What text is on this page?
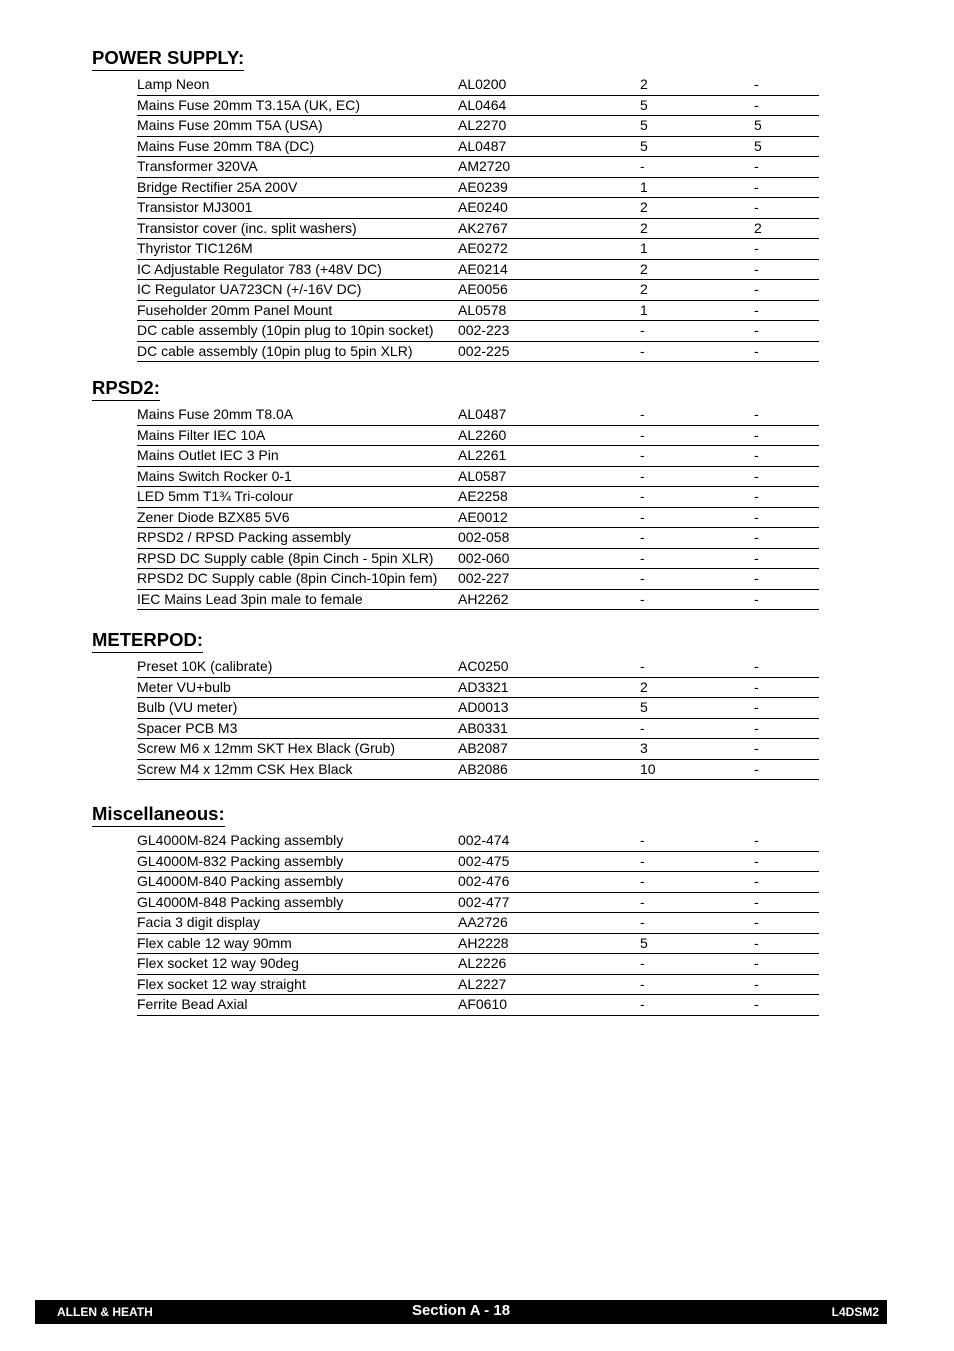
POWER SUPPLY:
Lamp Neon	AL0200	2	-
Mains Fuse 20mm T3.15A (UK, EC)	AL0464	5	-
Mains Fuse 20mm T5A (USA)	AL2270	5	5
Mains Fuse 20mm T8A (DC)	AL0487	5	5
Transformer 320VA	AM2720	-	-
Bridge Rectifier 25A 200V	AE0239	1	-
Transistor MJ3001	AE0240	2	-
Transistor cover (inc. split washers)	AK2767	2	2
Thyristor TIC126M	AE0272	1	-
IC Adjustable Regulator 783 (+48V DC)	AE0214	2	-
IC Regulator UA723CN (+/-16V DC)	AE0056	2	-
Fuseholder 20mm Panel Mount	AL0578	1	-
DC cable assembly (10pin plug to 10pin socket) 002-223	-	-
DC cable assembly (10pin plug to 5pin XLR)	002-225	-	-
RPSD2:
Mains Fuse 20mm T8.0A	AL0487	-	-
Mains Filter IEC 10A	AL2260	-	-
Mains Outlet IEC 3 Pin	AL2261	-	-
Mains Switch Rocker 0-1	AL0587	-	-
LED 5mm T1¾ Tri-colour	AE2258	-	-
Zener Diode BZX85 5V6	AE0012	-	-
RPSD2 / RPSD Packing assembly	002-058	-	-
RPSD DC Supply cable (8pin Cinch - 5pin XLR) 002-060	-	-
RPSD2 DC Supply cable (8pin Cinch-10pin fem) 002-227	-	-
IEC Mains Lead 3pin male to female	AH2262	-	-
METERPOD:
Preset 10K (calibrate)	AC0250	-	-
Meter VU+bulb	AD3321	2	-
Bulb (VU meter)	AD0013	5	-
Spacer PCB M3	AB0331	-	-
Screw M6 x 12mm SKT Hex Black (Grub)	AB2087	3	-
Screw M4 x 12mm CSK Hex Black	AB2086	10	-
Miscellaneous:
GL4000M-824 Packing assembly	002-474	-	-
GL4000M-832 Packing assembly	002-475	-	-
GL4000M-840 Packing assembly	002-476	-	-
GL4000M-848 Packing assembly	002-477	-	-
Facia 3 digit display	AA2726	-	-
Flex cable 12 way 90mm	AH2228	5	-
Flex socket 12 way 90deg	AL2226	-	-
Flex socket 12 way straight	AL2227	-	-
Ferrite Bead Axial	AF0610	-	-
ALLEN & HEATH	Section A - 18	L4DSM2
